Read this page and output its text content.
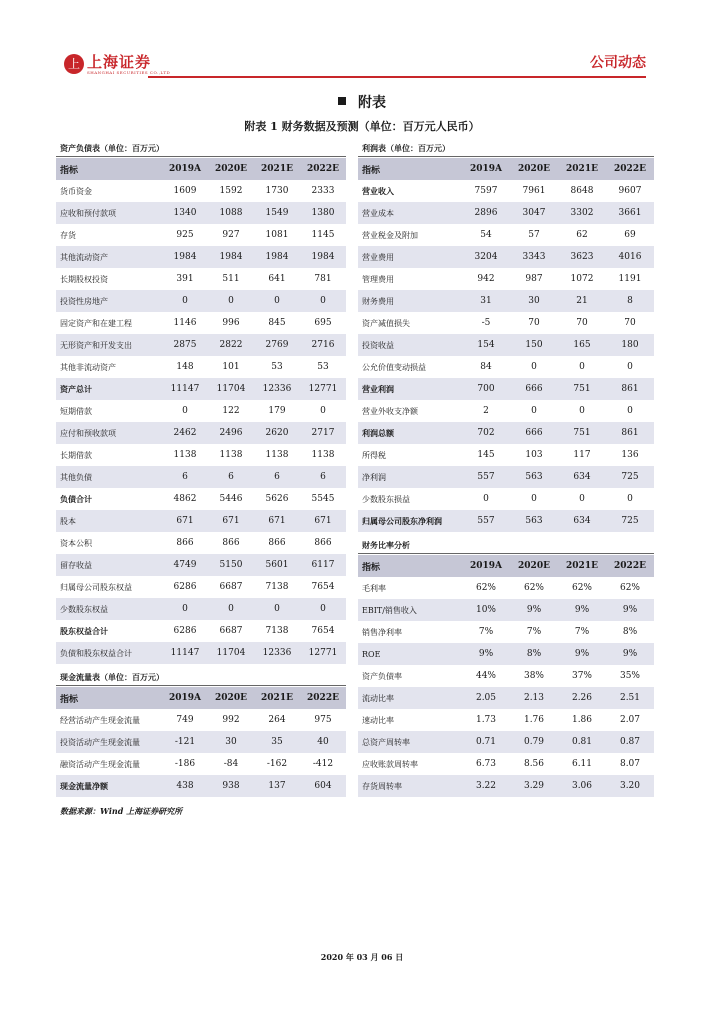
上 上海证券
SHANGHAI SECURITIES CO.,LTD
公司动态
附表
附表 1 财务数据及预测（单位：百万元人民币）
资产负债表（单位：百万元）
指标	2019A	2020E	2021E	2022E
货币资金	1609	1592	1730	2333
应收和预付款项	1340	1088	1549	1380
存货	925	927	1081	1145
其他流动资产	1984	1984	1984	1984
长期股权投资	391	511	641	781
投资性房地产	0	0	0	0
固定资产和在建工程	1146	996	845	695
无形资产和开发支出	2875	2822	2769	2716
其他非流动资产	148	101	53	53
资产总计	11147	11704	12336	12771
短期借款	0	122	179	0
应付和预收款项	2462	2496	2620	2717
长期借款	1138	1138	1138	1138
其他负债	6	6	6	6
负债合计	4862	5446	5626	5545
股本	671	671	671	671
资本公积	866	866	866	866
留存收益	4749	5150	5601	6117
归属母公司股东权益	6286	6687	7138	7654
少数股东权益	0	0	0	0
股东权益合计	6286	6687	7138	7654
负债和股东权益合计	11147	11704	12336	12771
现金流量表（单位：百万元）
指标	2019A	2020E	2021E	2022E
经营活动产生现金流量	749	992	264	975
投资活动产生现金流量	-121	30	35	40
融资活动产生现金流量	-186	-84	-162	-412
现金流量净额	438	938	137	604
利润表（单位：百万元）
指标	2019A	2020E	2021E	2022E
营业收入	7597	7961	8648	9607
营业成本	2896	3047	3302	3661
营业税金及附加	54	57	62	69
营业费用	3204	3343	3623	4016
管理费用	942	987	1072	1191
财务费用	31	30	21	8
资产减值损失	-5	70	70	70
投资收益	154	150	165	180
公允价值变动损益	84	0	0	0
营业利润	700	666	751	861
营业外收支净额	2	0	0	0
利润总额	702	666	751	861
所得税	145	103	117	136
净利润	557	563	634	725
少数股东损益	0	0	0	0
归属母公司股东净利润	557	563	634	725
财务比率分析
指标	2019A	2020E	2021E	2022E
毛利率	62%	62%	62%	62%
EBIT/销售收入	10%	9%	9%	9%
销售净利率	7%	7%	7%	8%
ROE	9%	8%	9%	9%
资产负债率	44%	38%	37%	35%
流动比率	2.05	2.13	2.26	2.51
速动比率	1.73	1.76	1.86	2.07
总资产周转率	0.71	0.79	0.81	0.87
应收账款周转率	6.73	8.56	6.11	8.07
存货周转率	3.22	3.29	3.06	3.20
数据来源：Wind 上海证券研究所
2020 年 03 月 06 日
